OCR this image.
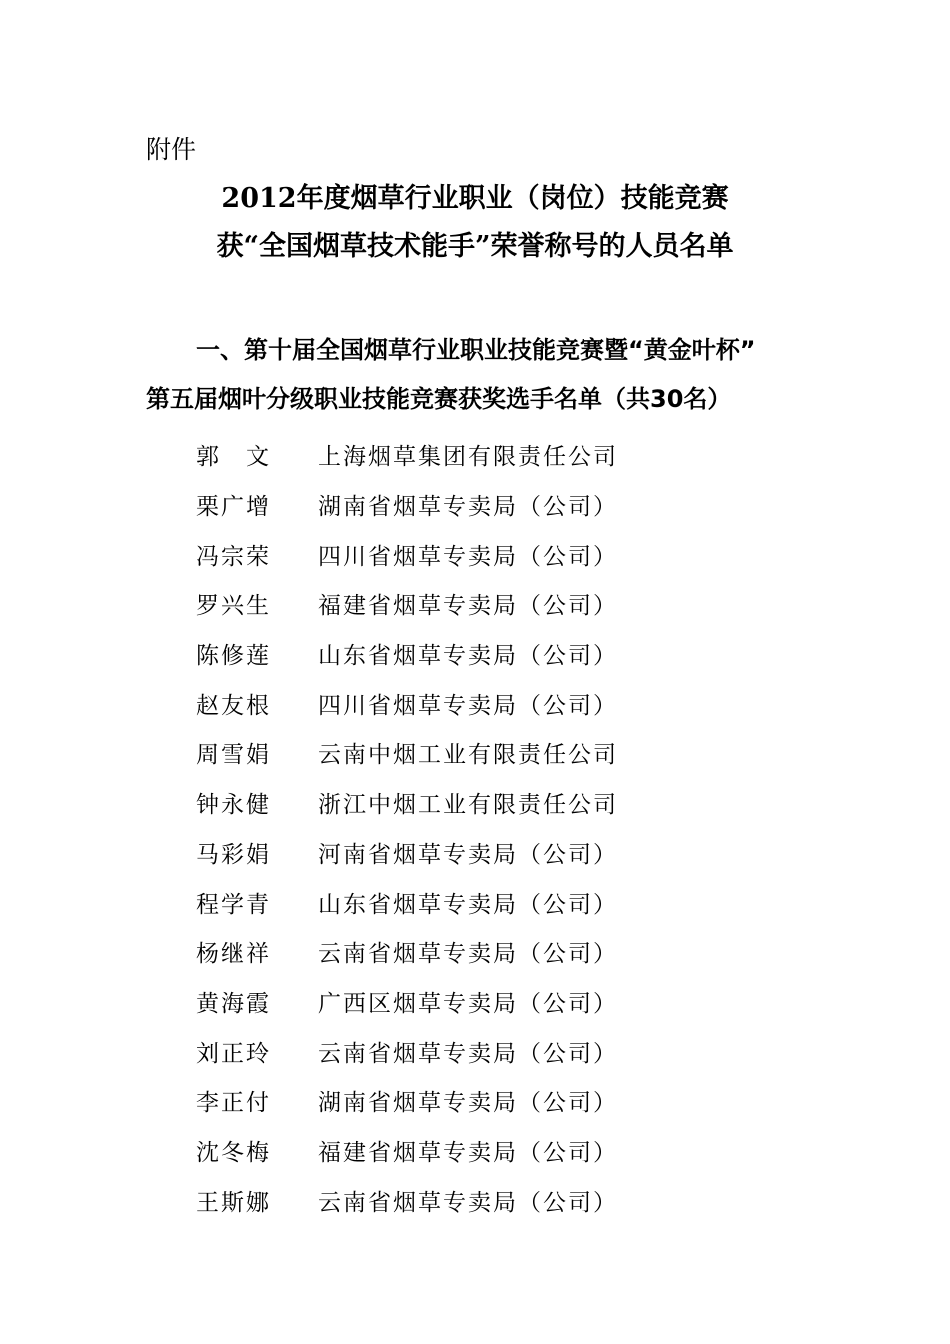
附件
2012年度烟草行业职业（岗位）技能竞赛
获“全国烟草技术能手”荣誉称号的人员名单
一、第十届全国烟草行业职业技能竞赛暨“黄金叶杯”
第五届烟叶分级职业技能竞赛获奖选手名单（共30名）
郭　文	上海烟草集团有限责任公司
栗广增	湖南省烟草专卖局（公司）
冯宗荣	四川省烟草专卖局（公司）
罗兴生	福建省烟草专卖局（公司）
陈修莲	山东省烟草专卖局（公司）
赵友根	四川省烟草专卖局（公司）
周雪娟	云南中烟工业有限责任公司
钟永健	浙江中烟工业有限责任公司
马彩娟	河南省烟草专卖局（公司）
程学青	山东省烟草专卖局（公司）
杨继祥	云南省烟草专卖局（公司）
黄海霞	广西区烟草专卖局（公司）
刘正玲	云南省烟草专卖局（公司）
李正付	湖南省烟草专卖局（公司）
沈冬梅	福建省烟草专卖局（公司）
王斯娜	云南省烟草专卖局（公司）
